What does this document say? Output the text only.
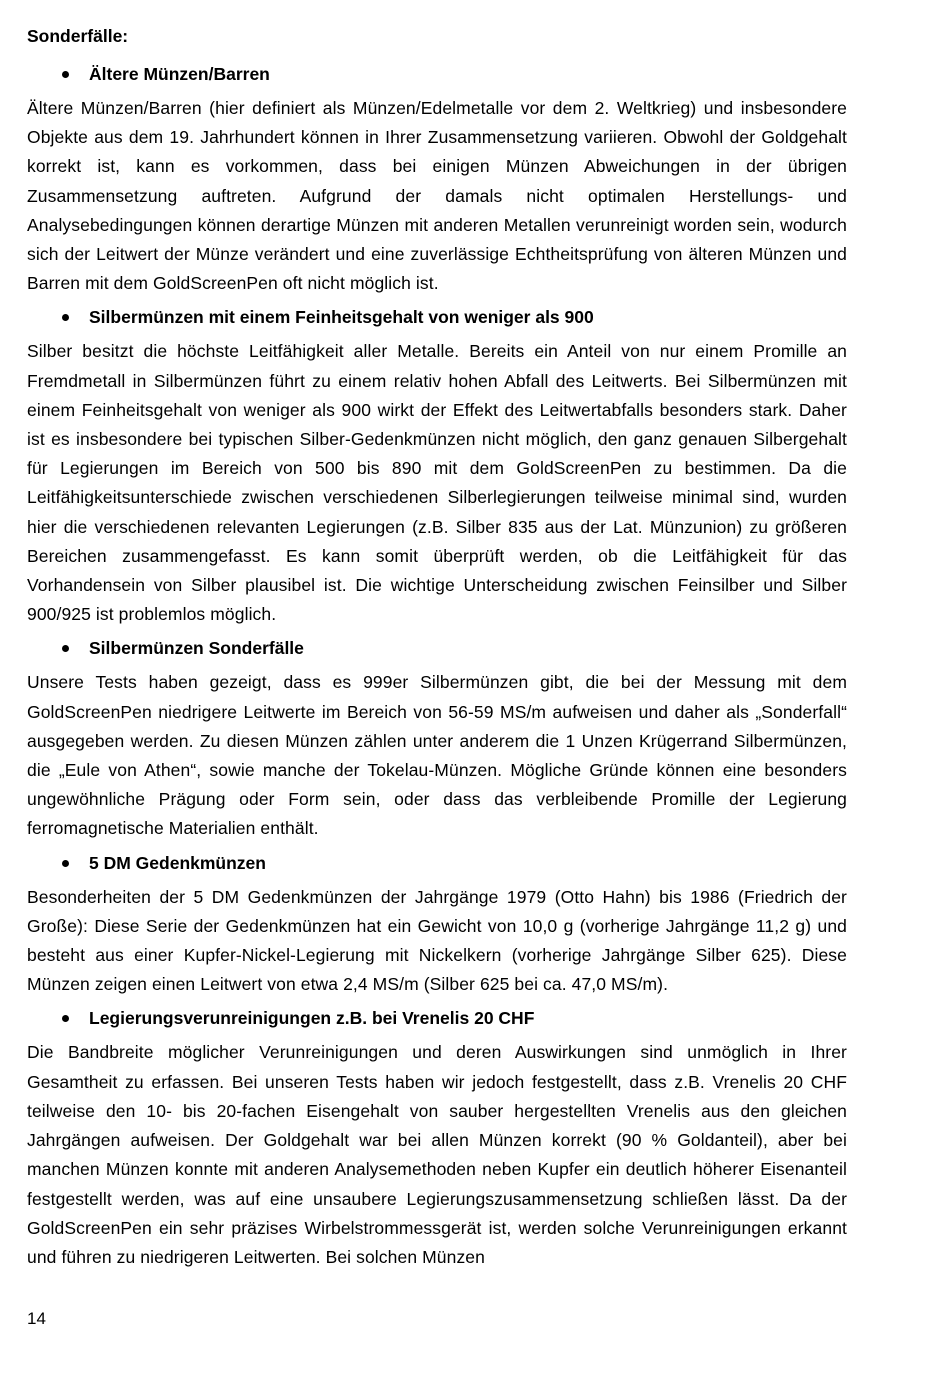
Sonderfälle:
Ältere Münzen/Barren

Ältere Münzen/Barren (hier definiert als Münzen/Edelmetalle vor dem 2. Weltkrieg) und insbesondere Objekte aus dem 19. Jahrhundert können in Ihrer Zusammensetzung variieren. Obwohl der Goldgehalt korrekt ist, kann es vorkommen, dass bei einigen Münzen Abweichungen in der übrigen Zusammensetzung auftreten. Aufgrund der damals nicht optimalen Herstellungs- und Analysebedingungen können derartige Münzen mit anderen Metallen verunreinigt worden sein, wodurch sich der Leitwert der Münze verändert und eine zuverlässige Echtheitsprüfung von älteren Münzen und Barren mit dem GoldScreenPen oft nicht möglich ist.

Silbermünzen mit einem Feinheitsgehalt von weniger als 900

Silber besitzt die höchste Leitfähigkeit aller Metalle. Bereits ein Anteil von nur einem Promille an Fremdmetall in Silbermünzen führt zu einem relativ hohen Abfall des Leitwerts. Bei Silbermünzen mit einem Feinheitsgehalt von weniger als 900 wirkt der Effekt des Leitwertabfalls besonders stark. Daher ist es insbesondere bei typischen Silber-Gedenkmünzen nicht möglich, den ganz genauen Silbergehalt für Legierungen im Bereich von 500 bis 890 mit dem GoldScreenPen zu bestimmen. Da die Leitfähigkeitsunterschiede zwischen verschiedenen Silberlegierungen teilweise minimal sind, wurden hier die verschiedenen relevanten Legierungen (z.B. Silber 835 aus der Lat. Münzunion) zu größeren Bereichen zusammengefasst. Es kann somit überprüft werden, ob die Leitfähigkeit für das Vorhandensein von Silber plausibel ist. Die wichtige Unterscheidung zwischen Feinsilber und Silber 900/925 ist problemlos möglich.

Silbermünzen Sonderfälle

Unsere Tests haben gezeigt, dass es 999er Silbermünzen gibt, die bei der Messung mit dem GoldScreenPen niedrigere Leitwerte im Bereich von 56-59 MS/m aufweisen und daher als „Sonderfall“ ausgegeben werden. Zu diesen Münzen zählen unter anderem die 1 Unzen Krügerrand Silbermünzen, die „Eule von Athen“, sowie manche der Tokelau-Münzen. Mögliche Gründe können eine besonders ungewöhnliche Prägung oder Form sein, oder dass das verbleibende Promille der Legierung ferromagnetische Materialien enthält.

5 DM Gedenkmünzen

Besonderheiten der 5 DM Gedenkmünzen der Jahrgänge 1979 (Otto Hahn) bis 1986 (Friedrich der Große): Diese Serie der Gedenkmünzen hat ein Gewicht von 10,0 g (vorherige Jahrgänge 11,2 g) und besteht aus einer Kupfer-Nickel-Legierung mit Nickelkern (vorherige Jahrgänge Silber 625). Diese Münzen zeigen einen Leitwert von etwa 2,4 MS/m (Silber 625 bei ca. 47,0 MS/m).

Legierungsverunreinigungen z.B. bei Vrenelis 20 CHF

Die Bandbreite möglicher Verunreinigungen und deren Auswirkungen sind unmöglich in Ihrer Gesamtheit zu erfassen. Bei unseren Tests haben wir jedoch festgestellt, dass z.B. Vrenelis 20 CHF teilweise den 10- bis 20-fachen Eisengehalt von sauber hergestellten Vrenelis aus den gleichen Jahrgängen aufweisen. Der Goldgehalt war bei allen Münzen korrekt (90 % Goldanteil), aber bei manchen Münzen konnte mit anderen Analysemethoden neben Kupfer ein deutlich höherer Eisenanteil festgestellt werden, was auf eine unsaubere Legierungszusammensetzung schließen lässt. Da der GoldScreenPen ein sehr präzises Wirbelstrommessgerät ist, werden solche Verunreinigungen erkannt und führen zu niedrigeren Leitwerten. Bei solchen Münzen

14
